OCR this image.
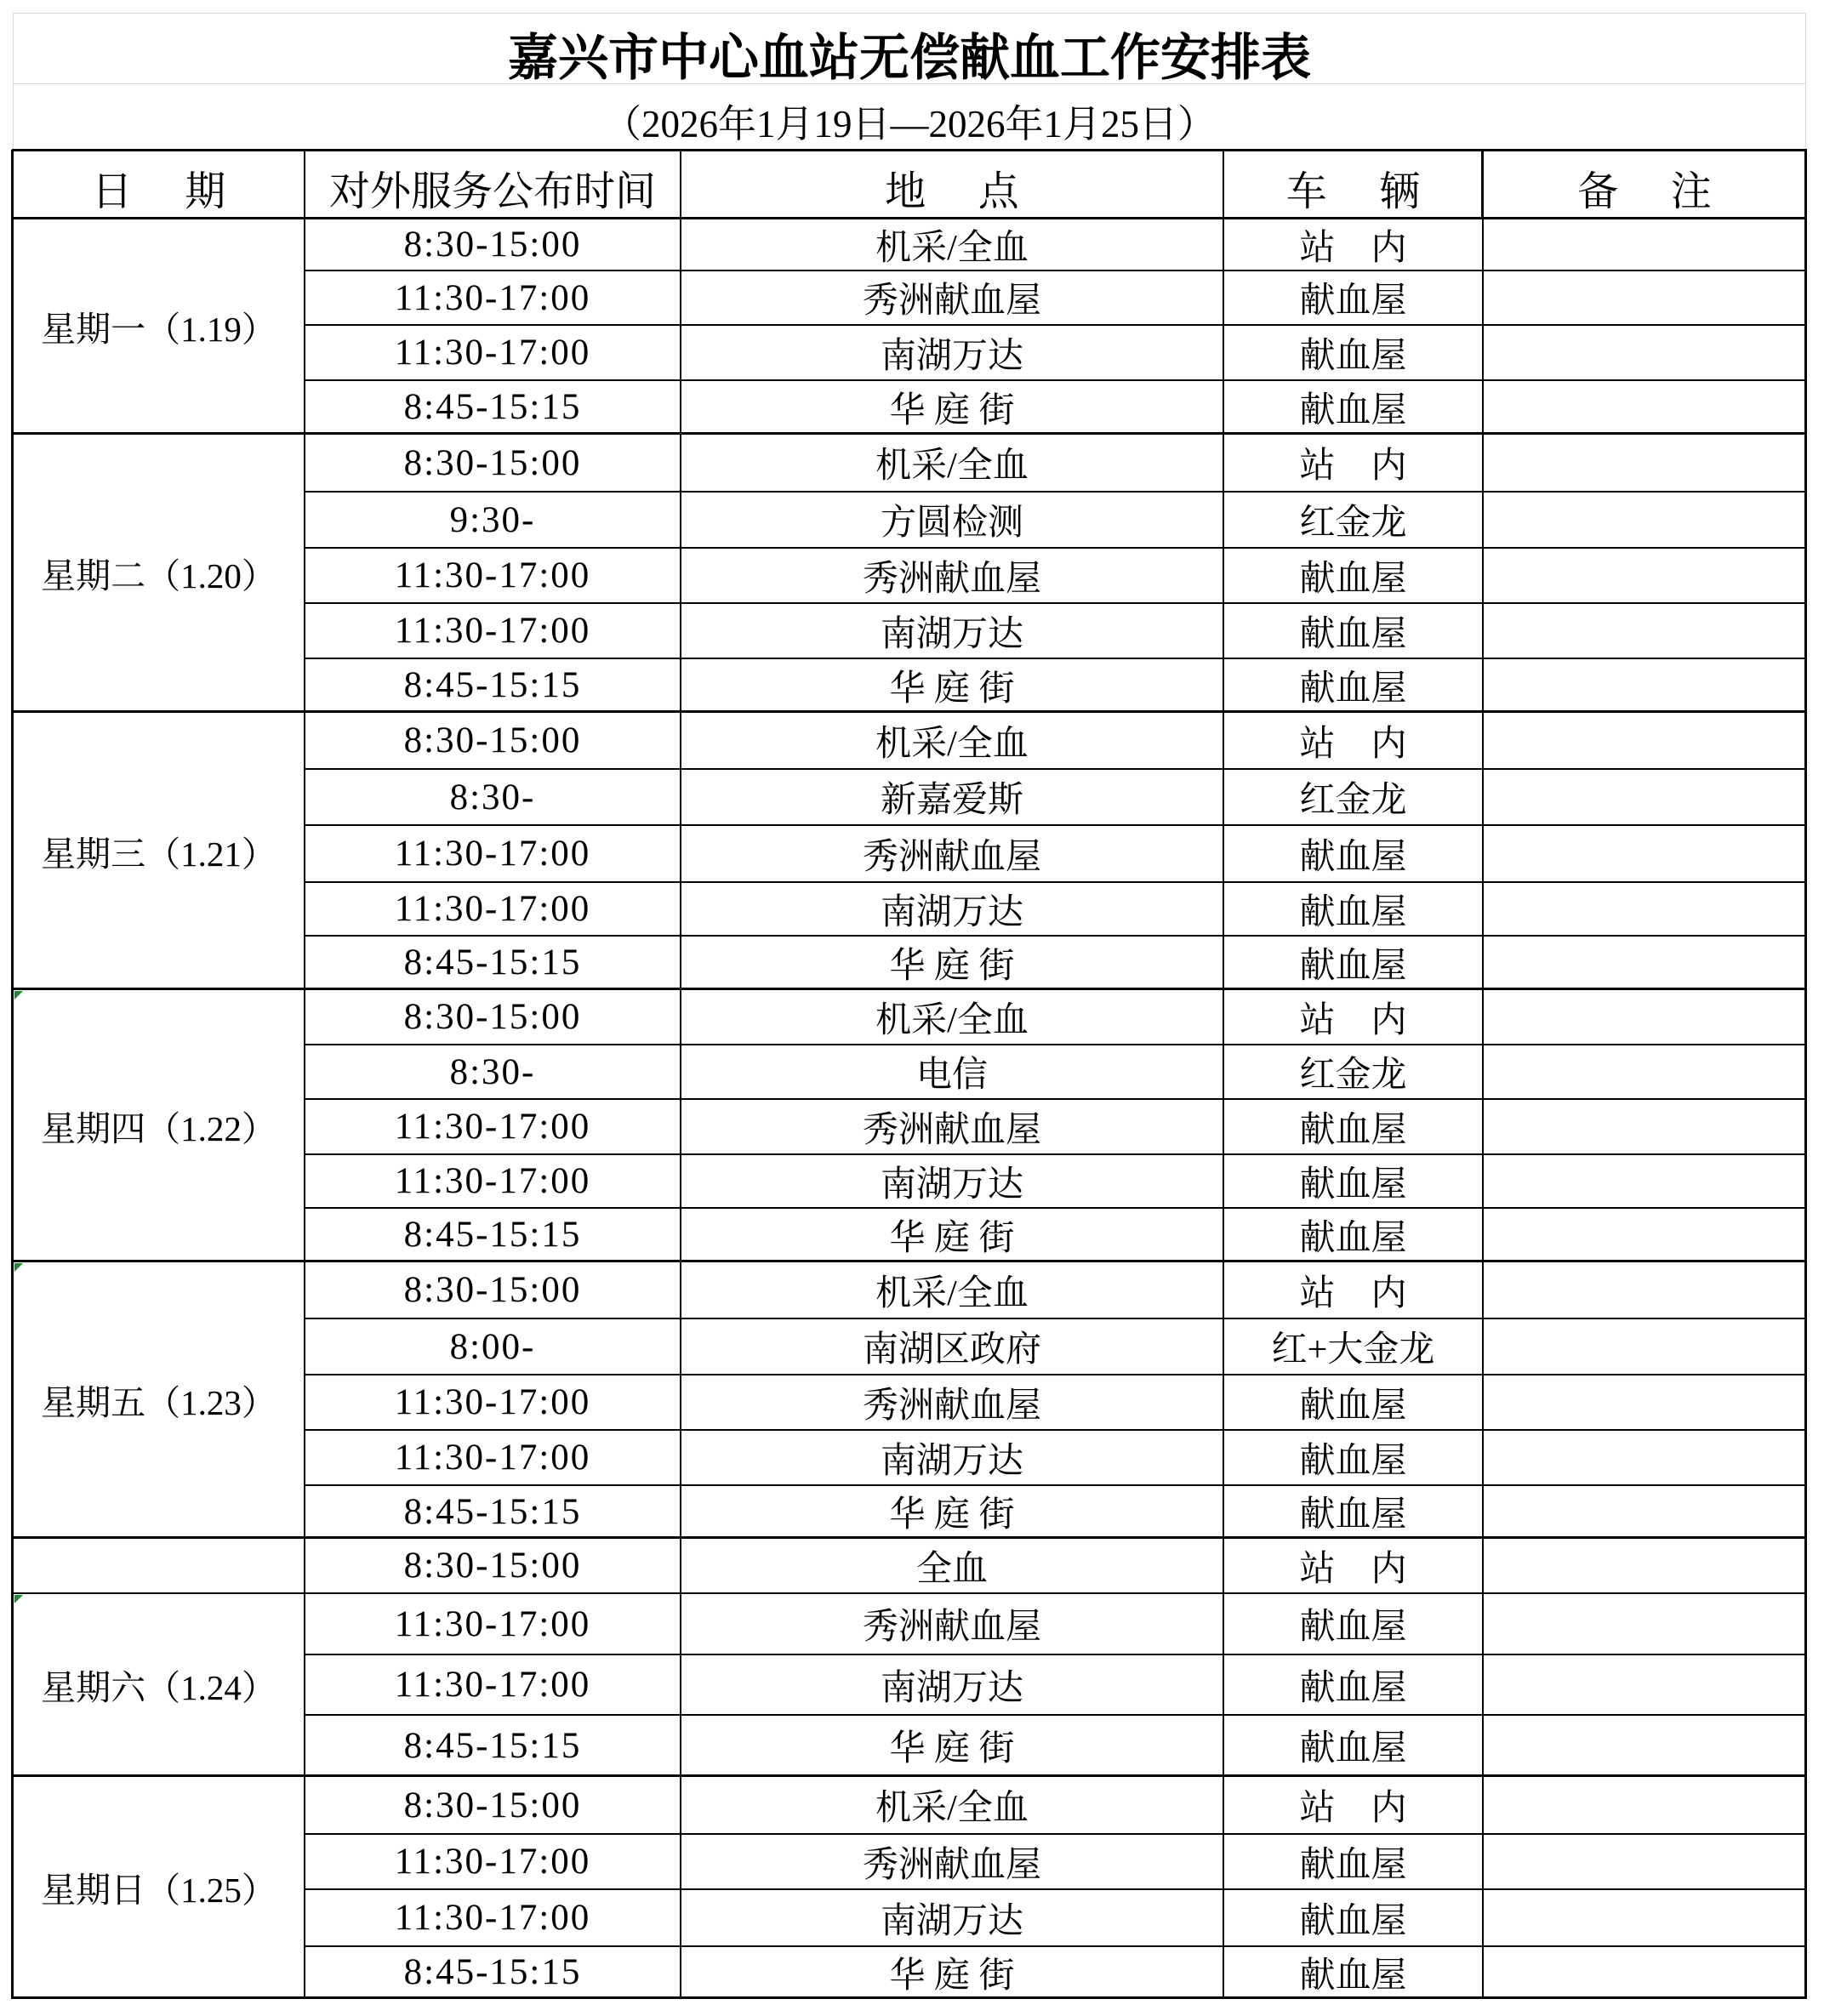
嘉兴市中心血站无偿献血工作安排表
（2026年1月19日—2026年1月25日）
日　期	对外服务公布时间	地　点	车　辆	备　注
星期一（1.19）
8:30-15:00	机采/全血	站　内
11:30-17:00	秀洲献血屋	献血屋
11:30-17:00	南湖万达	献血屋
8:45-15:15	华 庭 街	献血屋
星期二（1.20）
8:30-15:00	机采/全血	站　内
9:30-	方圆检测	红金龙
11:30-17:00	秀洲献血屋	献血屋
11:30-17:00	南湖万达	献血屋
8:45-15:15	华 庭 街	献血屋
星期三（1.21）
8:30-15:00	机采/全血	站　内
8:30-	新嘉爱斯	红金龙
11:30-17:00	秀洲献血屋	献血屋
11:30-17:00	南湖万达	献血屋
8:45-15:15	华 庭 街	献血屋
星期四（1.22）
8:30-15:00	机采/全血	站　内
8:30-	电信	红金龙
11:30-17:00	秀洲献血屋	献血屋
11:30-17:00	南湖万达	献血屋
8:45-15:15	华 庭 街	献血屋
星期五（1.23）
8:30-15:00	机采/全血	站　内
8:00-	南湖区政府	红+大金龙
11:30-17:00	秀洲献血屋	献血屋
11:30-17:00	南湖万达	献血屋
8:45-15:15	华 庭 街	献血屋
星期六（1.24）
8:30-15:00	全血	站　内
11:30-17:00	秀洲献血屋	献血屋
11:30-17:00	南湖万达	献血屋
8:45-15:15	华 庭 街	献血屋
星期日（1.25）
8:30-15:00	机采/全血	站　内
11:30-17:00	秀洲献血屋	献血屋
11:30-17:00	南湖万达	献血屋
8:45-15:15	华 庭 街	献血屋
